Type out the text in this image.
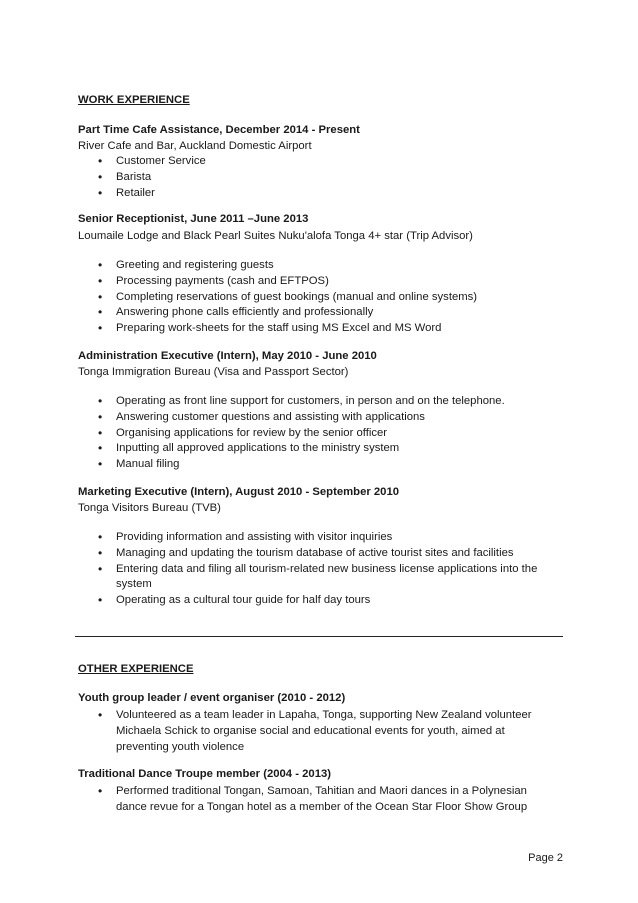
WORK EXPERIENCE
Part Time Cafe Assistance, December 2014 - Present
River Cafe and Bar, Auckland Domestic Airport
• Customer Service
• Barista
• Retailer
Senior Receptionist, June 2011 –June 2013
Loumaile Lodge and Black Pearl Suites Nuku'alofa Tonga 4+ star (Trip Advisor)
• Greeting and registering guests
• Processing payments (cash and EFTPOS)
• Completing reservations of guest bookings (manual and online systems)
• Answering phone calls efficiently and professionally
• Preparing work-sheets for the staff using MS Excel and MS Word
Administration Executive (Intern), May 2010 - June 2010
Tonga Immigration Bureau (Visa and Passport Sector)
• Operating as front line support for customers, in person and on the telephone.
• Answering customer questions and assisting with applications
• Organising applications for review by the senior officer
• Inputting all approved applications to the ministry system
• Manual filing
Marketing Executive (Intern), August 2010 - September 2010
Tonga Visitors Bureau (TVB)
• Providing information and assisting with visitor inquiries
• Managing and updating the tourism database of active tourist sites and facilities
• Entering data and filing all tourism-related new business license applications into the system
• Operating as a cultural tour guide for half day tours
OTHER EXPERIENCE
Youth group leader / event organiser (2010 - 2012)
• Volunteered as a team leader in Lapaha, Tonga, supporting New Zealand volunteer Michaela Schick to organise social and educational events for youth, aimed at preventing youth violence
Traditional Dance Troupe member (2004 - 2013)
• Performed traditional Tongan, Samoan, Tahitian and Maori dances in a Polynesian dance revue for a Tongan hotel as a member of the Ocean Star Floor Show Group
Page 2
